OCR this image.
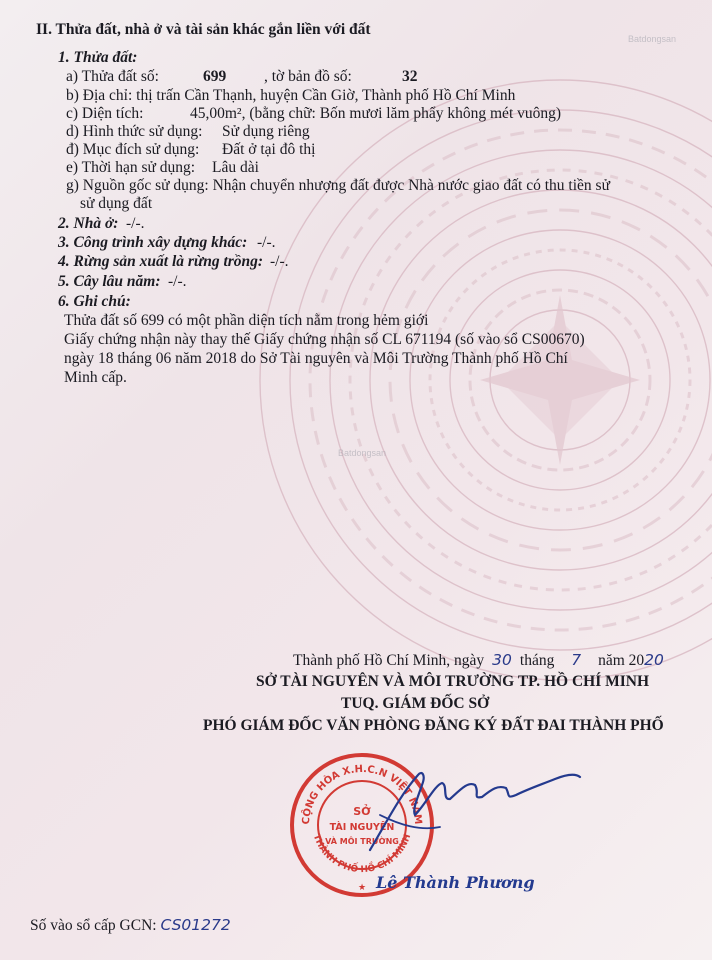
Batdongsan
Batdongsan
II. Thửa đất, nhà ở và tài sản khác gắn liền với đất
1. Thửa đất:
a) Thửa đất số:	699 , tờ bản đồ số:	32
b) Địa chỉ: thị trấn Cần Thạnh, huyện Cần Giờ, Thành phố Hồ Chí Minh
c) Diện tích:	45,00m², (bằng chữ: Bốn mươi lăm phẩy không mét vuông)
d) Hình thức sử dụng: Sử dụng riêng
đ) Mục đích sử dụng: Đất ở tại đô thị
e) Thời hạn sử dụng: Lâu dài
g) Nguồn gốc sử dụng: Nhận chuyển nhượng đất được Nhà nước giao đất có thu tiền sử
sử dụng đất
2. Nhà ở: -/-.
3. Công trình xây dựng khác: -/-.
4. Rừng sản xuất là rừng trồng: -/-.
5. Cây lâu năm: -/-.
6. Ghi chú:
Thửa đất số 699 có một phần diện tích nằm trong hẻm giới
Giấy chứng nhận này thay thế Giấy chứng nhận số CL 671194 (số vào sổ CS00670)
ngày 18 tháng 06 năm 2018 do Sở Tài nguyên và Môi Trường Thành phố Hồ Chí
Minh cấp.
Thành phố Hồ Chí Minh, ngày 30 tháng 7 năm 2020
SỞ TÀI NGUYÊN VÀ MÔI TRƯỜNG TP. HỒ CHÍ MINH
TUQ. GIÁM ĐỐC SỞ
PHÓ GIÁM ĐỐC VĂN PHÒNG ĐĂNG KÝ ĐẤT ĐAI THÀNH PHỐ
CỘNG HÒA X.H.C.N VIỆT NAM
THÀNH PHỐ HỒ CHÍ MINH
SỞ
TÀI NGUYÊN
VÀ MÔI TRƯỜNG
★ Lê Thành Phương
Số vào sổ cấp GCN: CS01272
